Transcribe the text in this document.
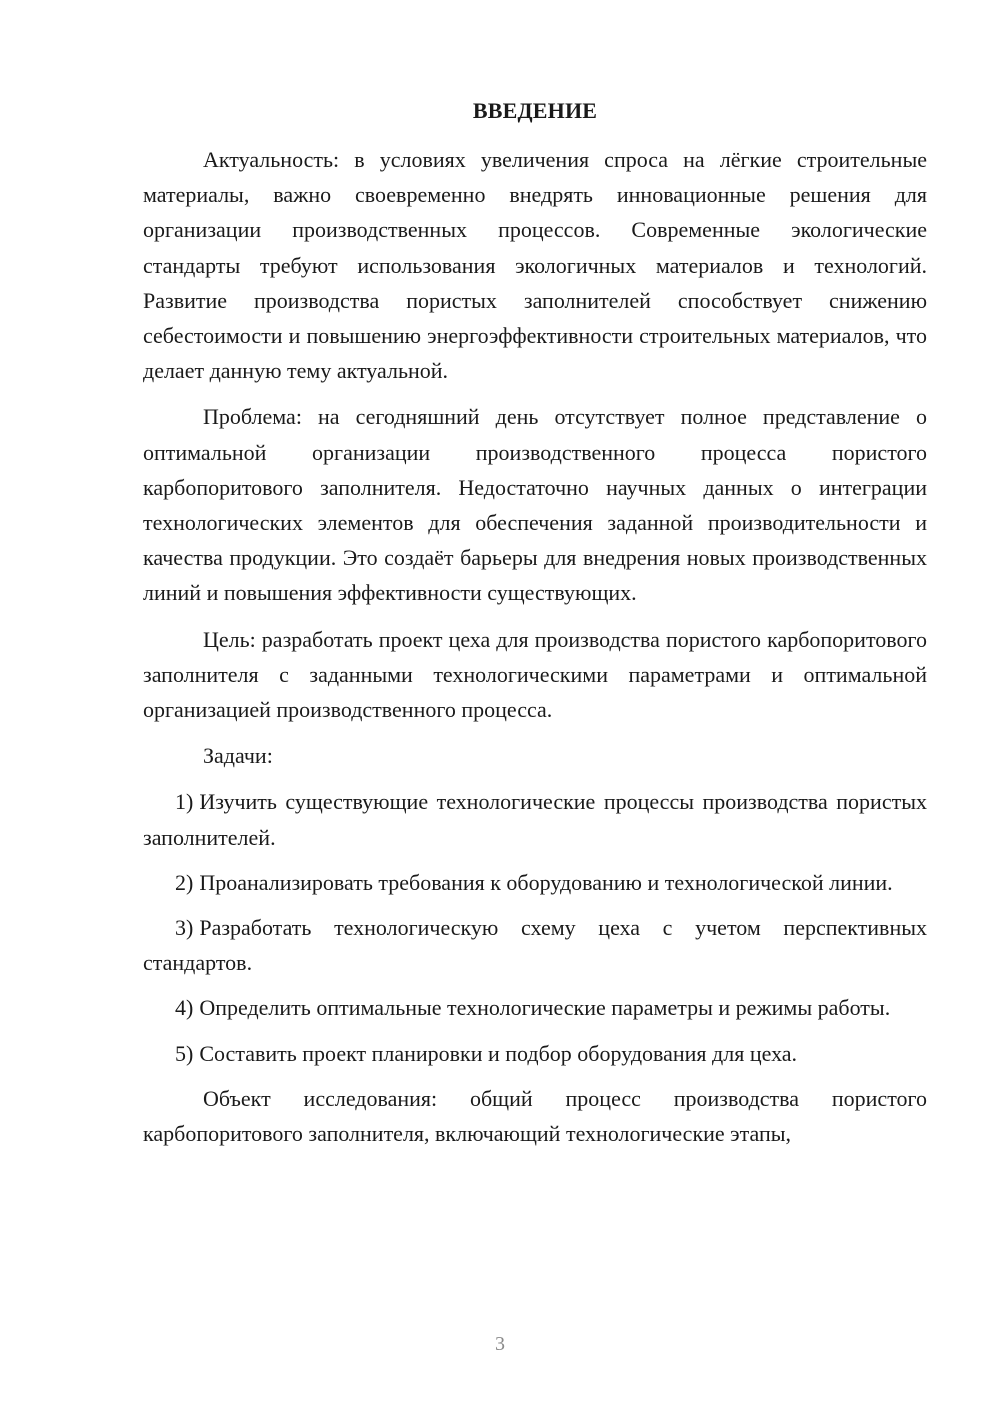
ВВЕДЕНИЕ

Актуальность: в условиях увеличения спроса на лёгкие строительные материалы, важно своевременно внедрять инновационные решения для организации производственных процессов. Современные экологические стандарты требуют использования экологичных материалов и технологий. Развитие производства пористых заполнителей способствует снижению себестоимости и повышению энергоэффективности строительных материалов, что делает данную тему актуальной.

Проблема: на сегодняшний день отсутствует полное представление о оптимальной организации производственного процесса пористого карбопоритового заполнителя. Недостаточно научных данных о интеграции технологических элементов для обеспечения заданной производительности и качества продукции. Это создаёт барьеры для внедрения новых производственных линий и повышения эффективности существующих.

Цель: разработать проект цеха для производства пористого карбопоритового заполнителя с заданными технологическими параметрами и оптимальной организацией производственного процесса.

Задачи:

1) Изучить существующие технологические процессы производства пористых заполнителей.

2) Проанализировать требования к оборудованию и технологической линии.

3) Разработать технологическую схему цеха с учетом перспективных стандартов.

4) Определить оптимальные технологические параметры и режимы работы.

5) Составить проект планировки и подбор оборудования для цеха.

Объект исследования: общий процесс производства пористого карбопоритового заполнителя, включающий технологические этапы,

3
